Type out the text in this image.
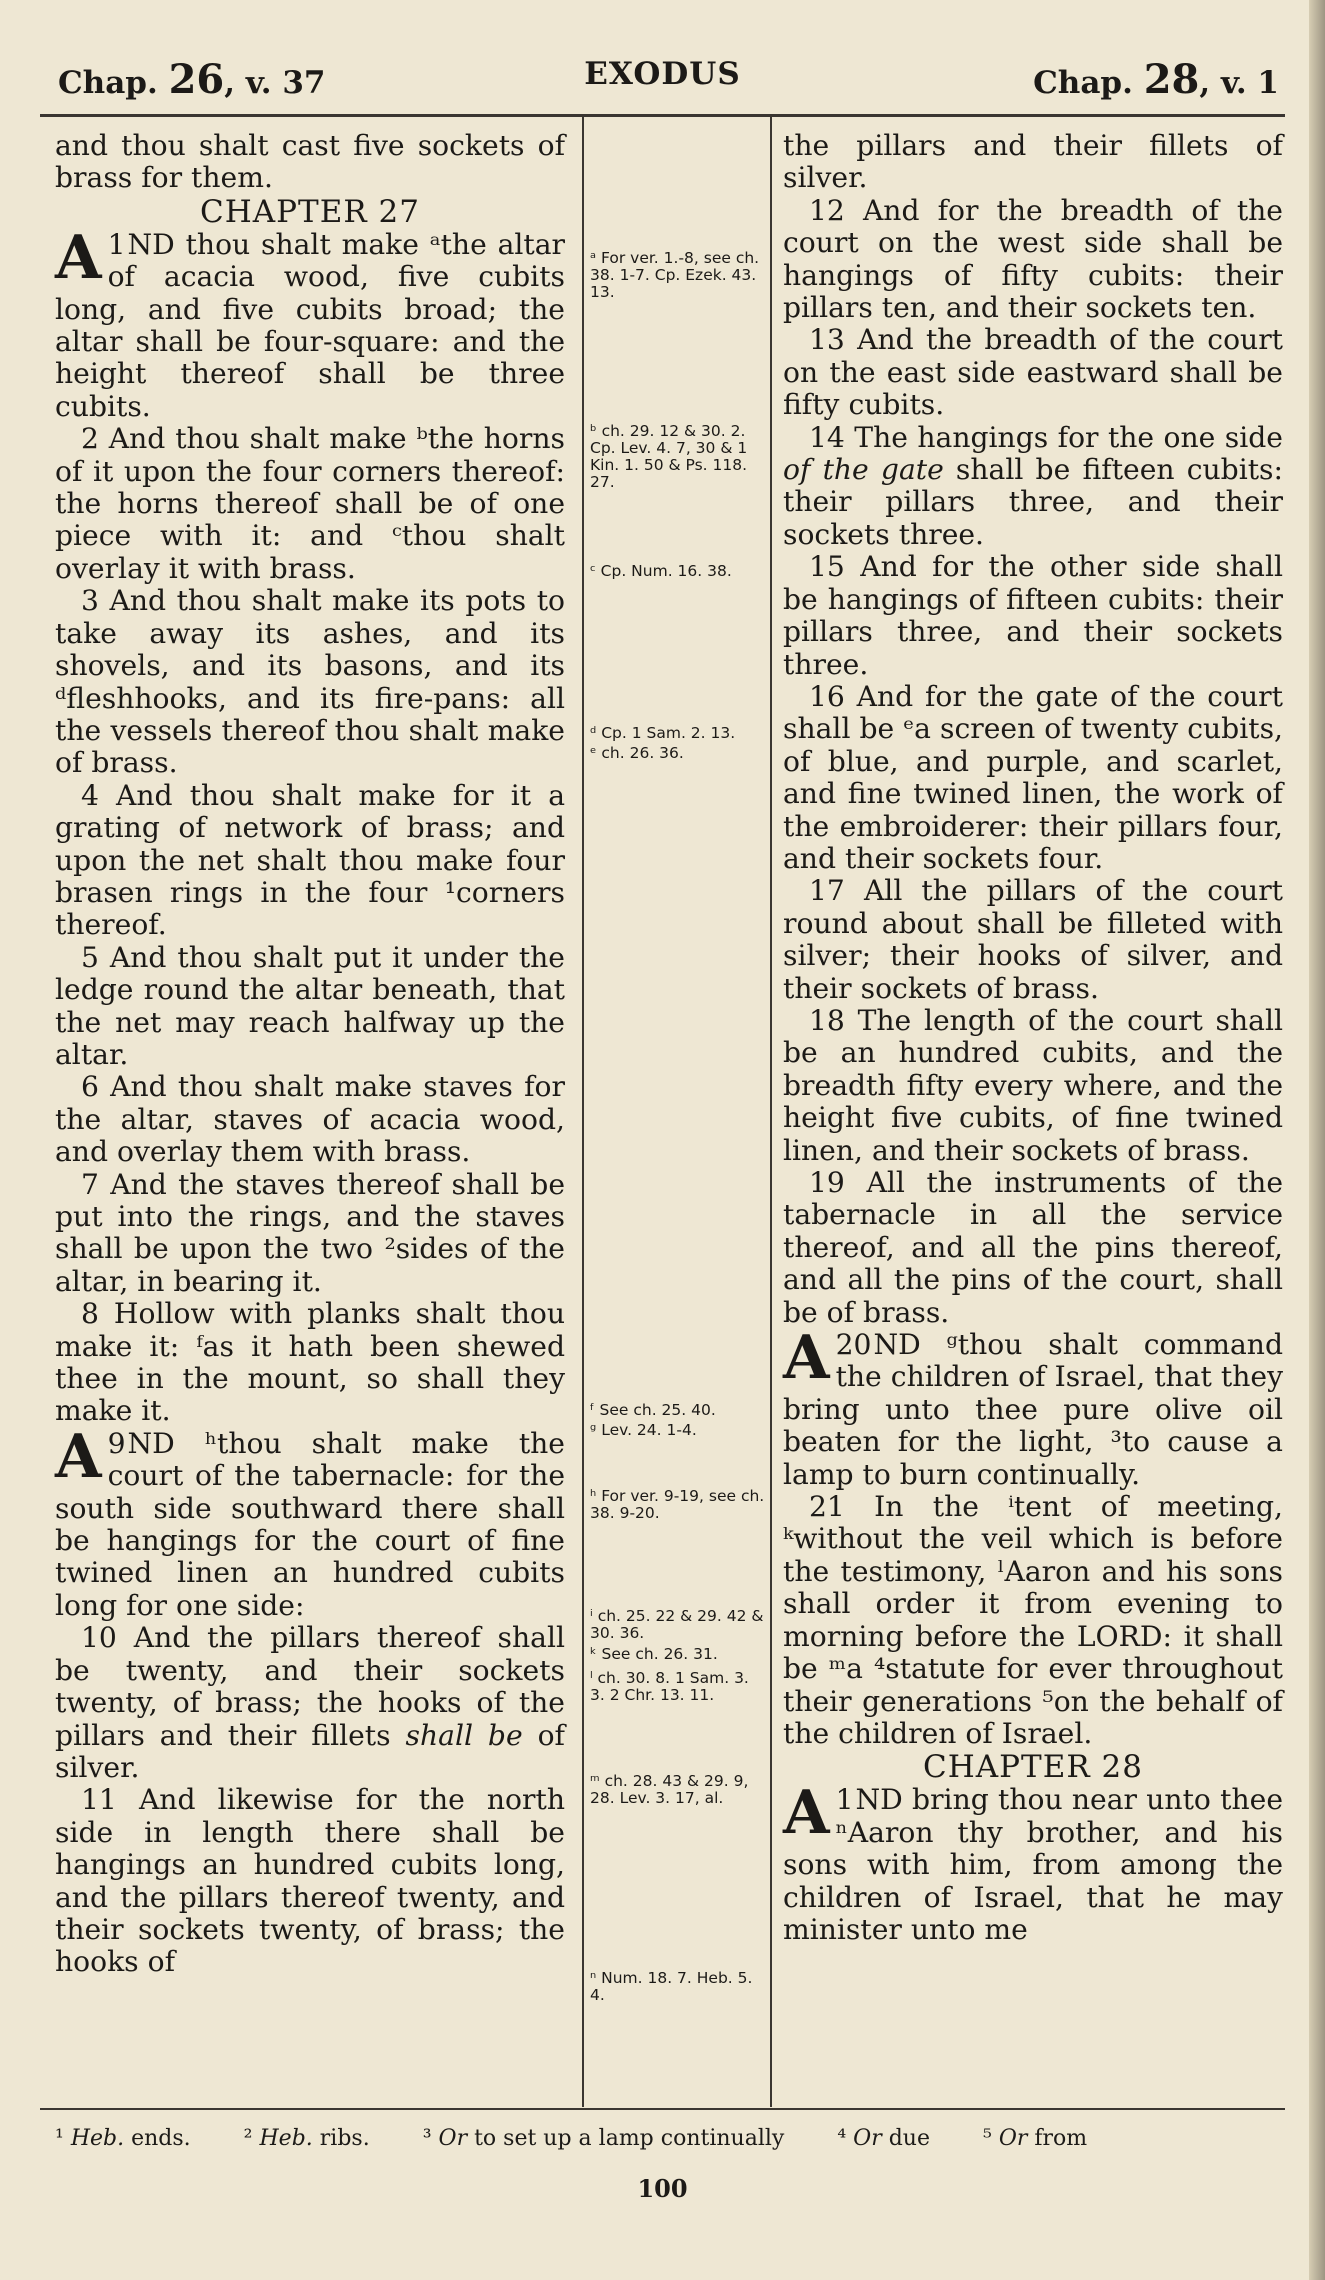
Chap. 26, v. 37	EXODUS	Chap. 28, v. 1

and thou shalt cast five sockets of brass for them.

CHAPTER 27

1
A ND thou shalt make ᵃthe altar of acacia wood, five cubits long, and five cubits broad; the altar shall be four-square: and the height thereof shall be three cubits.

2 And thou shalt make ᵇthe horns of it upon the four corners thereof: the horns thereof shall be of one piece with it: and ᶜthou shalt overlay it with brass.

3 And thou shalt make its pots to take away its ashes, and its shovels, and its basons, and its ᵈfleshhooks, and its fire-pans: all the vessels thereof thou shalt make of brass.

4 And thou shalt make for it a grating of network of brass; and upon the net shalt thou make four brasen rings in the four ¹corners thereof.

5 And thou shalt put it under the ledge round the altar beneath, that the net may reach halfway up the altar.

6 And thou shalt make staves for the altar, staves of acacia wood, and overlay them with brass.

7 And the staves thereof shall be put into the rings, and the staves shall be upon the two ²sides of the altar, in bearing it.

8 Hollow with planks shalt thou make it: ᶠas it hath been shewed thee in the mount, so shall they make it.

9
A ND ʰthou shalt make the court of the tabernacle: for the south side southward there shall be hangings for the court of fine twined linen an hundred cubits long for one side:

10 And the pillars thereof shall be twenty, and their sockets twenty, of brass; the hooks of the pillars and their fillets shall be of silver.

11 And likewise for the north side in length there shall be hangings an hundred cubits long, and the pillars thereof twenty, and their sockets twenty, of brass; the hooks of

ᵃ For ver. 1.-8, see ch. 38. 1-7. Cp. Ezek. 43. 13.
ᵇ ch. 29. 12 & 30. 2. Cp. Lev. 4. 7, 30 & 1 Kin. 1. 50 & Ps. 118. 27.
ᶜ Cp. Num. 16. 38.
ᵈ Cp. 1 Sam. 2. 13.
ᵉ ch. 26. 36.
ᶠ See ch. 25. 40.
ᵍ Lev. 24. 1-4.
ʰ For ver. 9-19, see ch. 38. 9-20.
ⁱ ch. 25. 22 & 29. 42 & 30. 36.
ᵏ See ch. 26. 31.
ˡ ch. 30. 8. 1 Sam. 3. 3. 2 Chr. 13. 11.
ᵐ ch. 28. 43 & 29. 9, 28. Lev. 3. 17, al.
ⁿ Num. 18. 7. Heb. 5. 4.

the pillars and their fillets of silver.

12 And for the breadth of the court on the west side shall be hangings of fifty cubits: their pillars ten, and their sockets ten.

13 And the breadth of the court on the east side eastward shall be fifty cubits.

14 The hangings for the one side of the gate shall be fifteen cubits: their pillars three, and their sockets three.

15 And for the other side shall be hangings of fifteen cubits: their pillars three, and their sockets three.

16 And for the gate of the court shall be ᵉa screen of twenty cubits, of blue, and purple, and scarlet, and fine twined linen, the work of the embroiderer: their pillars four, and their sockets four.

17 All the pillars of the court round about shall be filleted with silver; their hooks of silver, and their sockets of brass.

18 The length of the court shall be an hundred cubits, and the breadth fifty every where, and the height five cubits, of fine twined linen, and their sockets of brass.

19 All the instruments of the tabernacle in all the service thereof, and all the pins thereof, and all the pins of the court, shall be of brass.

20
A ND ᵍthou shalt command the children of Israel, that they bring unto thee pure olive oil beaten for the light, ³to cause a lamp to burn continually.

21 In the ⁱtent of meeting, ᵏwithout the veil which is before the testimony, ˡAaron and his sons shall order it from evening to morning before the LORD: it shall be ᵐa ⁴statute for ever throughout their generations ⁵on the behalf of the children of Israel.

CHAPTER 28

1
A ND bring thou near unto thee ⁿAaron thy brother, and his sons with him, from among the children of Israel, that he may minister unto me

¹ Heb. ends. ² Heb. ribs. ³ Or to set up a lamp continually ⁴ Or due ⁵ Or from
100
